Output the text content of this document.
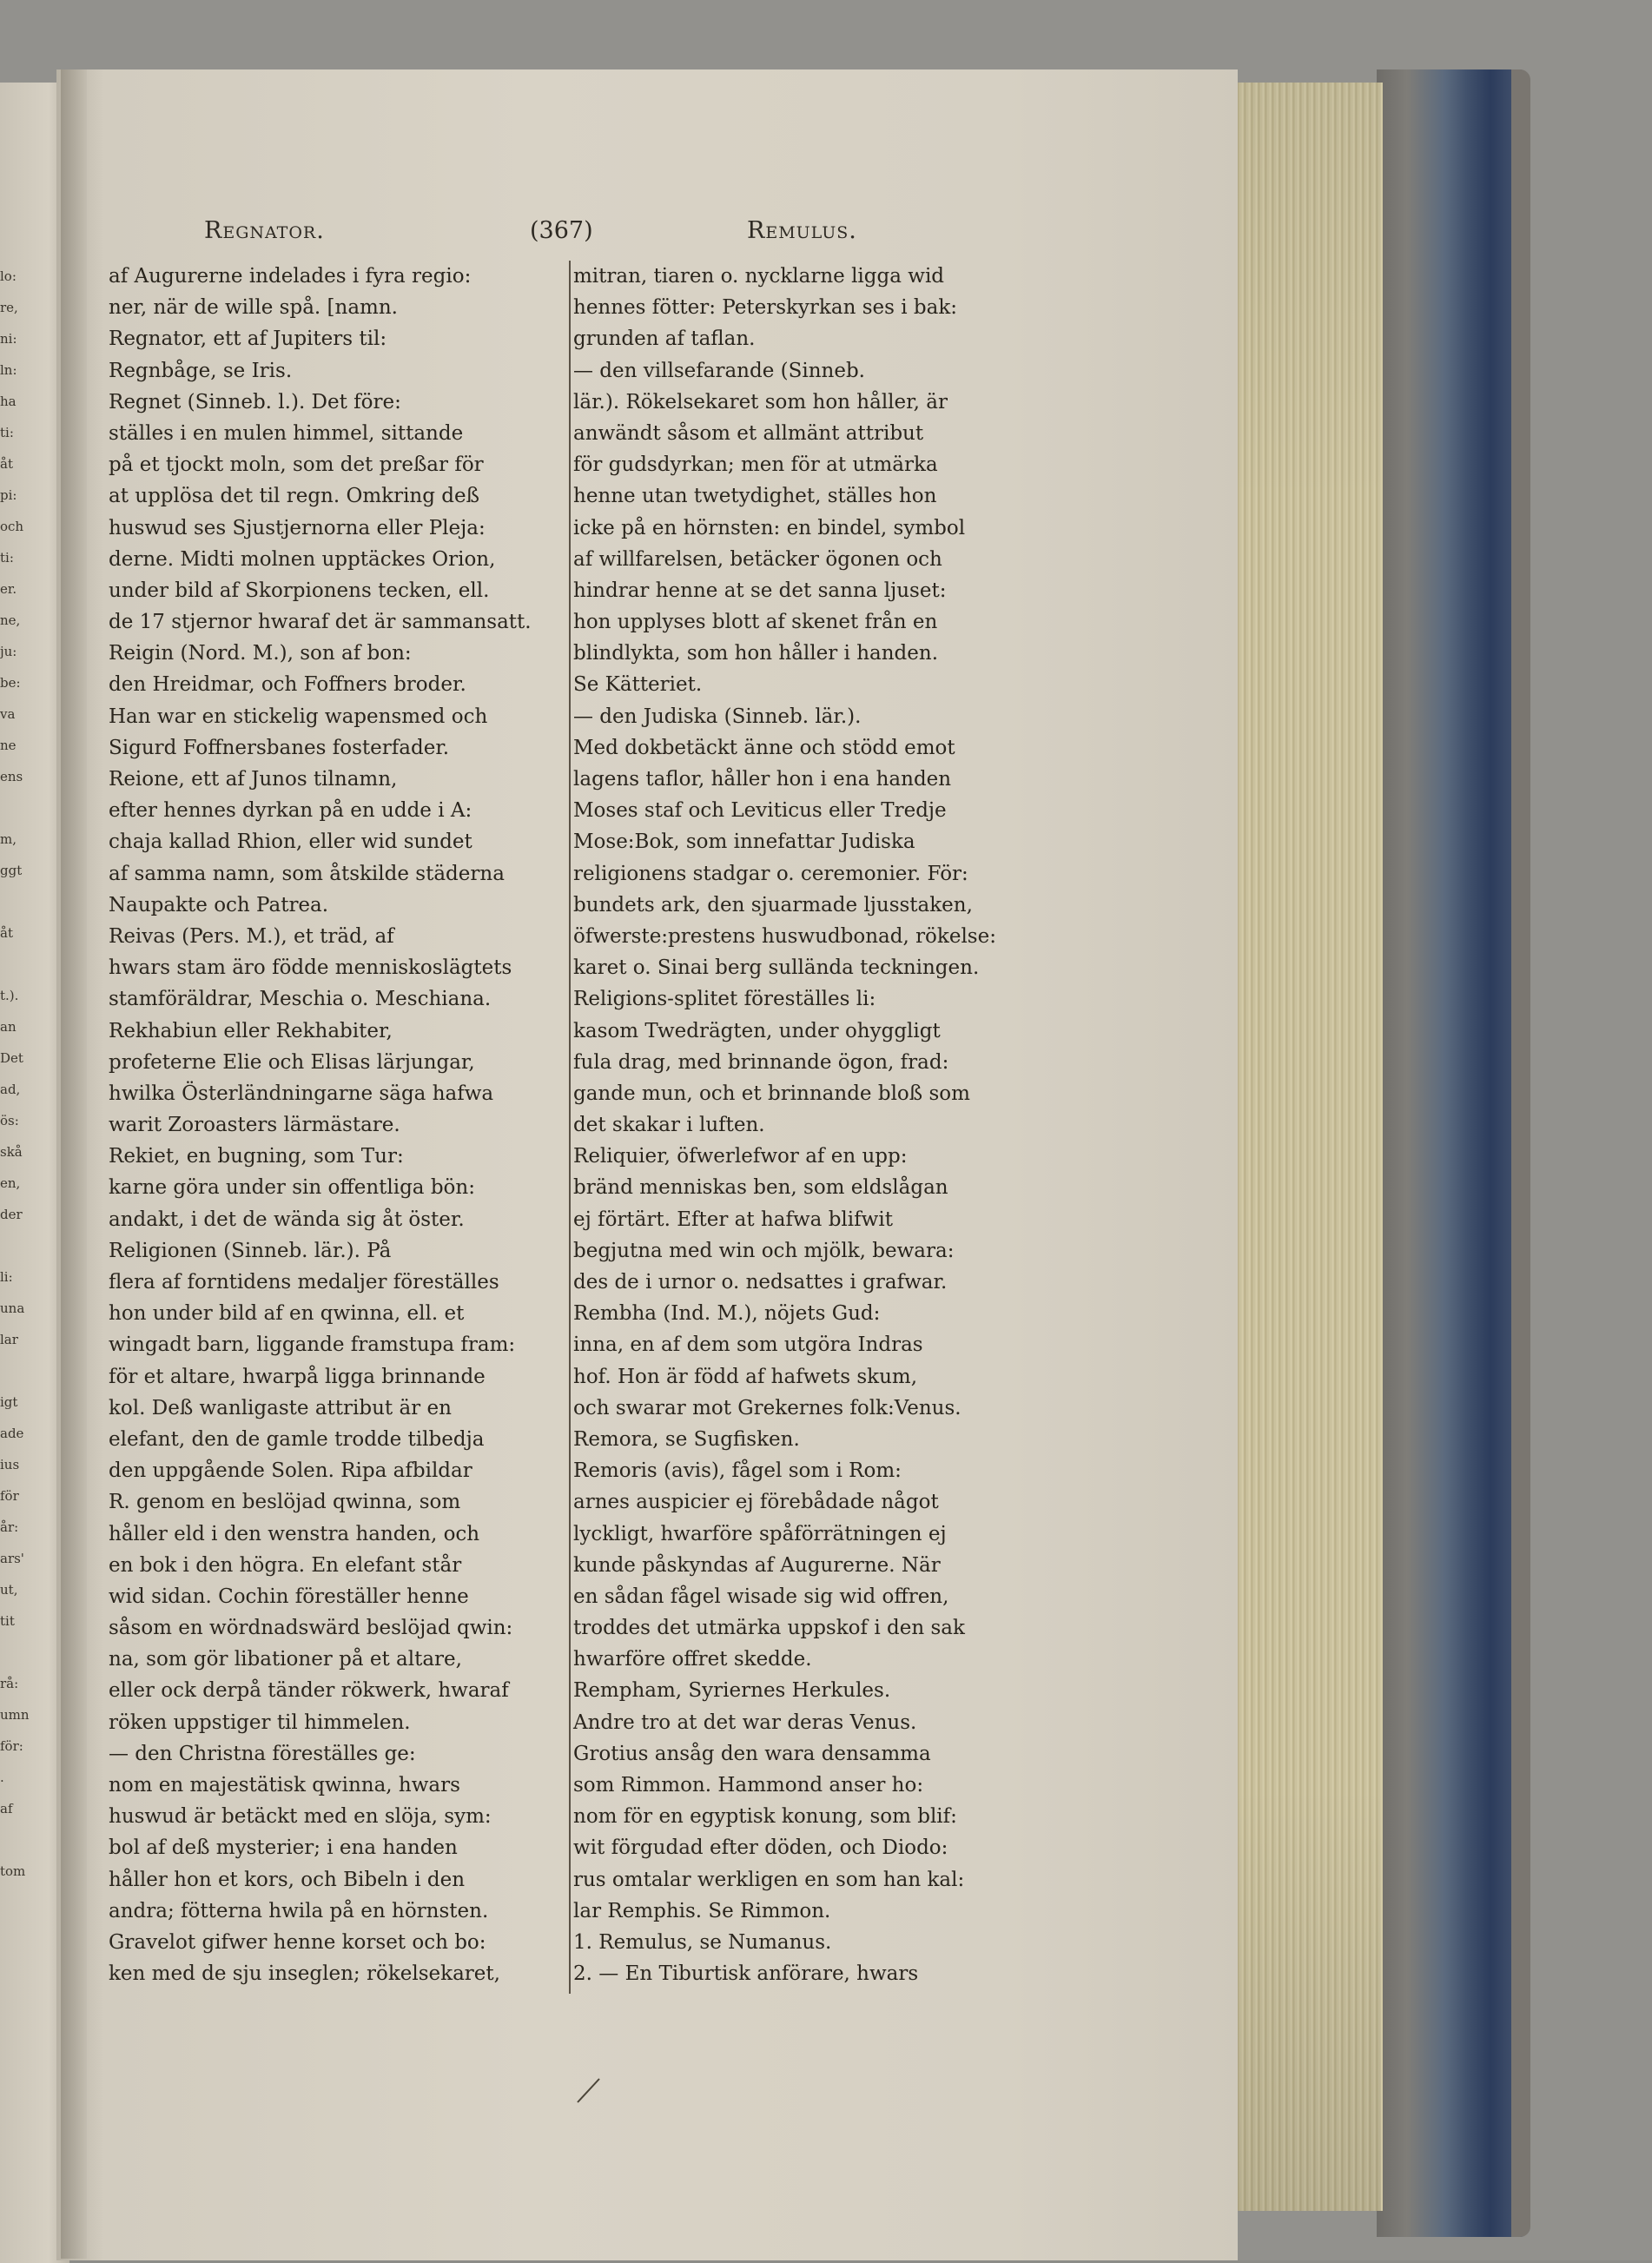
lo:
re,
ni:
ln:
ha
ti:
åt
pi:
och
ti:
er.
ne,
ju:
be:
va
ne
ens
m,
ggt
åt
t.).
an
Det
ad,
ös:
skå
en,
der
li:
una
lar
igt
ade
ius
för
år:
ars'
ut,
tit
rå:
umn
för:
.
af
tom
Regnator.	(367)	Remulus.
af Augurerne indelades i fyra regio:
ner, när de wille spå. [namn.
Regnator, ett af Jupiters til:
Regnbåge, se Iris.
Regnet (Sinneb. l.). Det före:
ställes i en mulen himmel, sittande
på et tjockt moln, som det preßar för
at upplösa det til regn. Omkring deß
huswud ses Sjustjernorna eller Pleja:
derne. Midti molnen upptäckes Orion,
under bild af Skorpionens tecken, ell.
de 17 stjernor hwaraf det är sammansatt.
Reigin (Nord. M.), son af bon:
den Hreidmar, och Foffners broder.
Han war en stickelig wapensmed och
Sigurd Foffnersbanes fosterfader.
Reione, ett af Junos tilnamn,
efter hennes dyrkan på en udde i A:
chaja kallad Rhion, eller wid sundet
af samma namn, som åtskilde städerna
Naupakte och Patrea.
Reivas (Pers. M.), et träd, af
hwars stam äro födde menniskoslägtets
stamföräldrar, Meschia o. Meschiana.
Rekhabiun eller Rekhabiter,
profeterne Elie och Elisas lärjungar,
hwilka Österländningarne säga hafwa
warit Zoroasters lärmästare.
Rekiet, en bugning, som Tur:
karne göra under sin offentliga bön:
andakt, i det de wända sig åt öster.
Religionen (Sinneb. lär.). På
flera af forntidens medaljer föreställes
hon under bild af en qwinna, ell. et
wingadt barn, liggande framstupa fram:
för et altare, hwarpå ligga brinnande
kol. Deß wanligaste attribut är en
elefant, den de gamle trodde tilbedja
den uppgående Solen. Ripa afbildar
R. genom en beslöjad qwinna, som
håller eld i den wenstra handen, och
en bok i den högra. En elefant står
wid sidan. Cochin föreställer henne
såsom en wördnadswärd beslöjad qwin:
na, som gör libationer på et altare,
eller ock derpå tänder rökwerk, hwaraf
röken uppstiger til himmelen.
— den Christna föreställes ge:
nom en majestätisk qwinna, hwars
huswud är betäckt med en slöja, sym:
bol af deß mysterier; i ena handen
håller hon et kors, och Bibeln i den
andra; fötterna hwila på en hörnsten.
Gravelot gifwer henne korset och bo:
ken med de sju inseglen; rökelsekaret,
mitran, tiaren o. nycklarne ligga wid
hennes fötter: Peterskyrkan ses i bak:
grunden af taflan.
— den villsefarande (Sinneb.
lär.). Rökelsekaret som hon håller, är
anwändt såsom et allmänt attribut
för gudsdyrkan; men för at utmärka
henne utan twetydighet, ställes hon
icke på en hörnsten: en bindel, symbol
af willfarelsen, betäcker ögonen och
hindrar henne at se det sanna ljuset:
hon upplyses blott af skenet från en
blindlykta, som hon håller i handen.
Se Kätteriet.
— den Judiska (Sinneb. lär.).
Med dokbetäckt änne och stödd emot
lagens taflor, håller hon i ena handen
Moses staf och Leviticus eller Tredje
Mose:Bok, som innefattar Judiska
religionens stadgar o. ceremonier. För:
bundets ark, den sjuarmade ljusstaken,
öfwerste:prestens huswudbonad, rökelse:
karet o. Sinai berg sullända teckningen.
Religions-splitet föreställes li:
kasom Twedrägten, under ohyggligt
fula drag, med brinnande ögon, frad:
gande mun, och et brinnande bloß som
det skakar i luften.
Reliquier, öfwerlefwor af en upp:
bränd menniskas ben, som eldslågan
ej förtärt. Efter at hafwa blifwit
begjutna med win och mjölk, bewara:
des de i urnor o. nedsattes i grafwar.
Rembha (Ind. M.), nöjets Gud:
inna, en af dem som utgöra Indras
hof. Hon är född af hafwets skum,
och swarar mot Grekernes folk:Venus.
Remora, se Sugfisken.
Remoris (avis), fågel som i Rom:
arnes auspicier ej förebådade något
lyckligt, hwarföre spåförrätningen ej
kunde påskyndas af Augurerne. När
en sådan fågel wisade sig wid offren,
troddes det utmärka uppskof i den sak
hwarföre offret skedde.
Rempham, Syriernes Herkules.
Andre tro at det war deras Venus.
Grotius ansåg den wara densamma
som Rimmon. Hammond anser ho:
nom för en egyptisk konung, som blif:
wit förgudad efter döden, och Diodo:
rus omtalar werkligen en som han kal:
lar Remphis. Se Rimmon.
1. Remulus, se Numanus.
2. — En Tiburtisk anförare, hwars
